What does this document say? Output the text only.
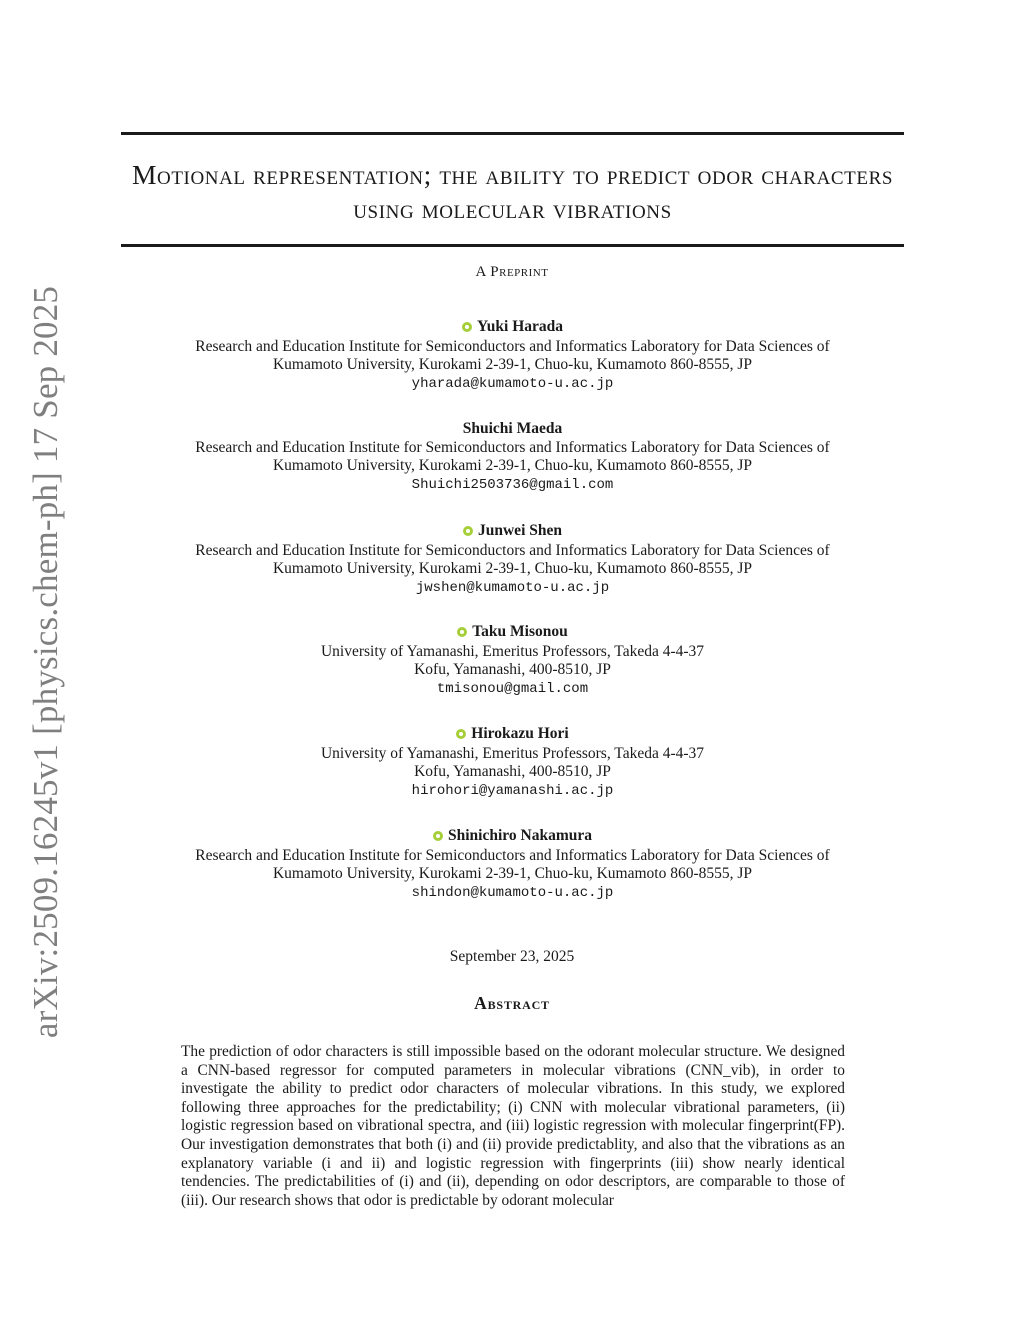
arXiv:2509.16245v1 [physics.chem-ph] 17 Sep 2025
Motional representation; the ability to predict odor characters using molecular vibrations
A Preprint
Yuki Harada
Research and Education Institute for Semiconductors and Informatics Laboratory for Data Sciences of
Kumamoto University, Kurokami 2-39-1, Chuo-ku, Kumamoto 860-8555, JP
yharada@kumamoto-u.ac.jp
Shuichi Maeda
Research and Education Institute for Semiconductors and Informatics Laboratory for Data Sciences of
Kumamoto University, Kurokami 2-39-1, Chuo-ku, Kumamoto 860-8555, JP
Shuichi2503736@gmail.com
Junwei Shen
Research and Education Institute for Semiconductors and Informatics Laboratory for Data Sciences of
Kumamoto University, Kurokami 2-39-1, Chuo-ku, Kumamoto 860-8555, JP
jwshen@kumamoto-u.ac.jp
Taku Misonou
University of Yamanashi, Emeritus Professors, Takeda 4-4-37
Kofu, Yamanashi, 400-8510, JP
tmisonou@gmail.com
Hirokazu Hori
University of Yamanashi, Emeritus Professors, Takeda 4-4-37
Kofu, Yamanashi, 400-8510, JP
hirohori@yamanashi.ac.jp
Shinichiro Nakamura
Research and Education Institute for Semiconductors and Informatics Laboratory for Data Sciences of
Kumamoto University, Kurokami 2-39-1, Chuo-ku, Kumamoto 860-8555, JP
shindon@kumamoto-u.ac.jp
September 23, 2025
Abstract
The prediction of odor characters is still impossible based on the odorant molecular structure. We designed a CNN-based regressor for computed parameters in molecular vibrations (CNN_vib), in order to investigate the ability to predict odor characters of molecular vibrations. In this study, we explored following three approaches for the predictability; (i) CNN with molecular vibrational parameters, (ii) logistic regression based on vibrational spectra, and (iii) logistic regression with molecular fingerprint(FP). Our investigation demonstrates that both (i) and (ii) provide predictablity, and also that the vibrations as an explanatory variable (i and ii) and logistic regression with fingerprints (iii) show nearly identical tendencies. The predictabilities of (i) and (ii), depending on odor descriptors, are comparable to those of (iii). Our research shows that odor is predictable by odorant molecular
